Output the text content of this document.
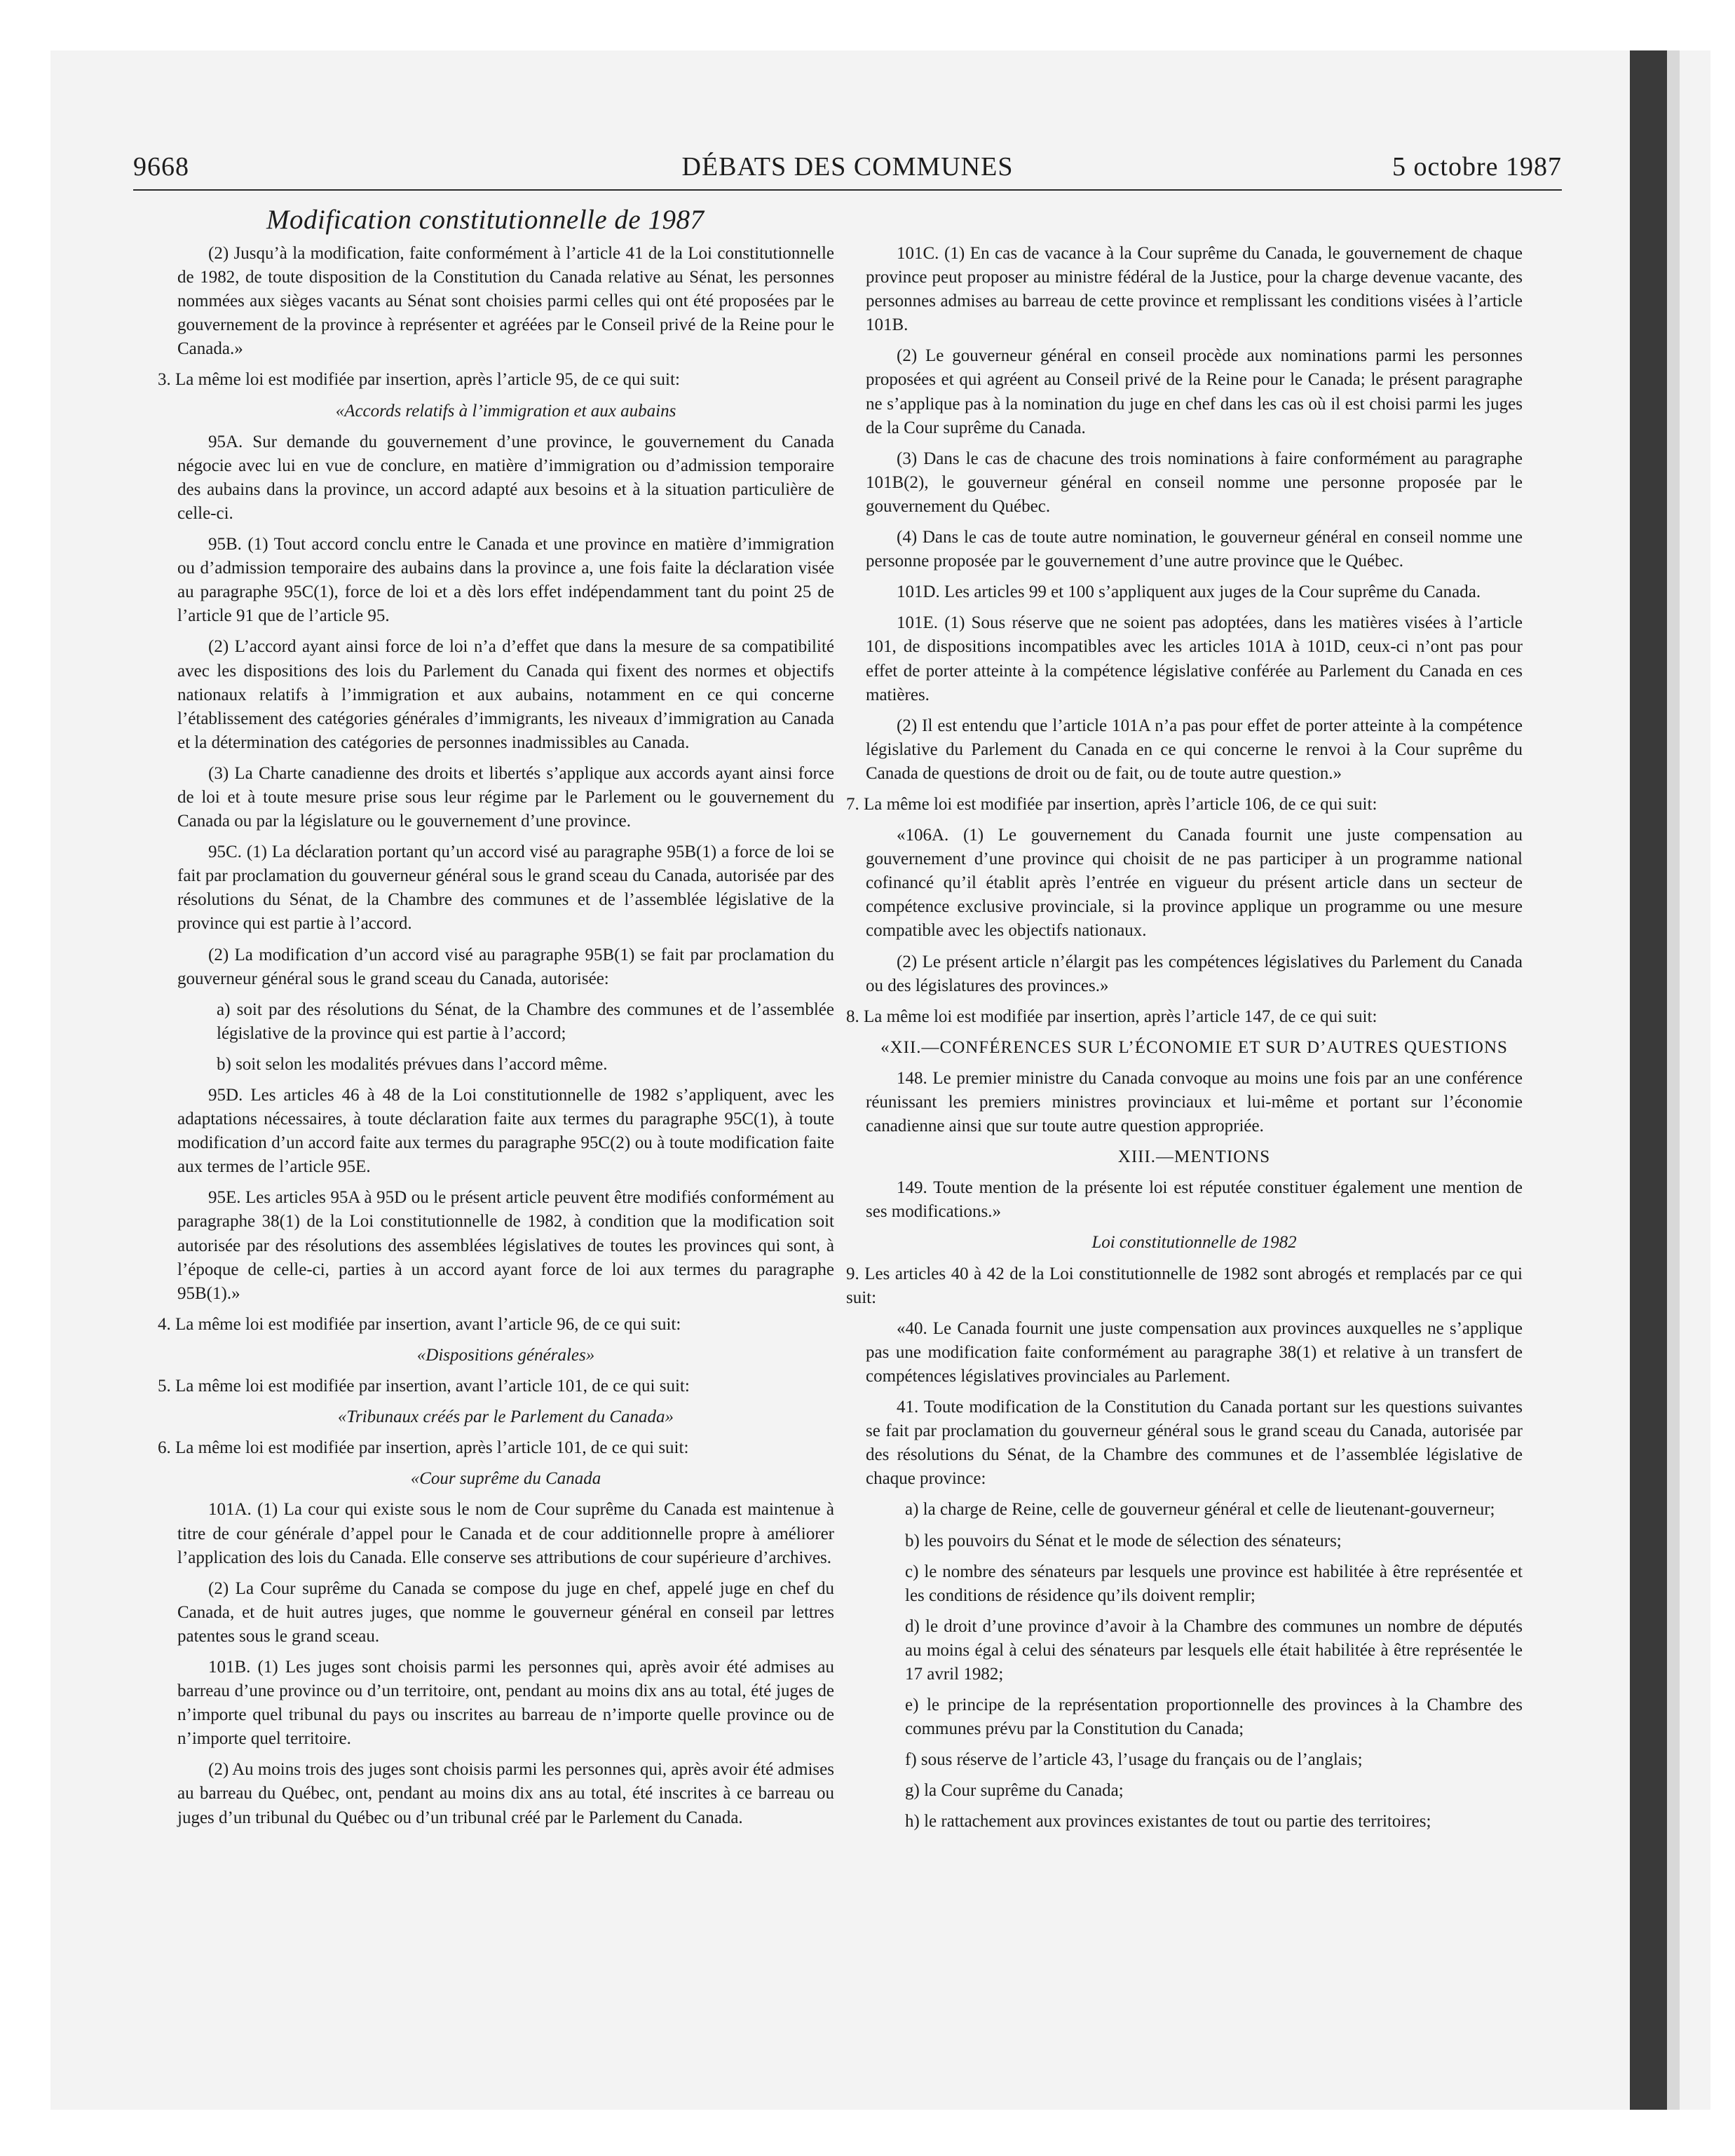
DÉBATS DES COMMUNES
9668	5 octobre 1987
Modification constitutionnelle de 1987

(2) Jusqu’à la modification, faite conformément à l’article 41 de la Loi constitutionnelle de 1982, de toute disposition de la Constitution du Canada relative au Sénat, les personnes nommées aux sièges vacants au Sénat sont choisies parmi celles qui ont été proposées par le gouvernement de la province à représenter et agréées par le Conseil privé de la Reine pour le Canada.»

3. La même loi est modifiée par insertion, après l’article 95, de ce qui suit:

«Accords relatifs à l’immigration et aux aubains

95A. Sur demande du gouvernement d’une province, le gouvernement du Canada négocie avec lui en vue de conclure, en matière d’immigration ou d’admission temporaire des aubains dans la province, un accord adapté aux besoins et à la situation particulière de celle-ci.

95B. (1) Tout accord conclu entre le Canada et une province en matière d’immigration ou d’admission temporaire des aubains dans la province a, une fois faite la déclaration visée au paragraphe 95C(1), force de loi et a dès lors effet indépendamment tant du point 25 de l’article 91 que de l’article 95.

(2) L’accord ayant ainsi force de loi n’a d’effet que dans la mesure de sa compatibilité avec les dispositions des lois du Parlement du Canada qui fixent des normes et objectifs nationaux relatifs à l’immigration et aux aubains, notamment en ce qui concerne l’établissement des catégories générales d’immigrants, les niveaux d’immigration au Canada et la détermination des catégories de personnes inadmissibles au Canada.

(3) La Charte canadienne des droits et libertés s’applique aux accords ayant ainsi force de loi et à toute mesure prise sous leur régime par le Parlement ou le gouvernement du Canada ou par la législature ou le gouvernement d’une province.

95C. (1) La déclaration portant qu’un accord visé au paragraphe 95B(1) a force de loi se fait par proclamation du gouverneur général sous le grand sceau du Canada, autorisée par des résolutions du Sénat, de la Chambre des communes et de l’assemblée législative de la province qui est partie à l’accord.

(2) La modification d’un accord visé au paragraphe 95B(1) se fait par proclamation du gouverneur général sous le grand sceau du Canada, autorisée:

a) soit par des résolutions du Sénat, de la Chambre des communes et de l’assemblée législative de la province qui est partie à l’accord;

b) soit selon les modalités prévues dans l’accord même.

95D. Les articles 46 à 48 de la Loi constitutionnelle de 1982 s’appliquent, avec les adaptations nécessaires, à toute déclaration faite aux termes du paragraphe 95C(1), à toute modification d’un accord faite aux termes du paragraphe 95C(2) ou à toute modification faite aux termes de l’article 95E.

95E. Les articles 95A à 95D ou le présent article peuvent être modifiés conformément au paragraphe 38(1) de la Loi constitutionnelle de 1982, à condition que la modification soit autorisée par des résolutions des assemblées législatives de toutes les provinces qui sont, à l’époque de celle-ci, parties à un accord ayant force de loi aux termes du paragraphe 95B(1).»

4. La même loi est modifiée par insertion, avant l’article 96, de ce qui suit:

«Dispositions générales»

5. La même loi est modifiée par insertion, avant l’article 101, de ce qui suit:

«Tribunaux créés par le Parlement du Canada»

6. La même loi est modifiée par insertion, après l’article 101, de ce qui suit:

«Cour suprême du Canada

101A. (1) La cour qui existe sous le nom de Cour suprême du Canada est maintenue à titre de cour générale d’appel pour le Canada et de cour additionnelle propre à améliorer l’application des lois du Canada. Elle conserve ses attributions de cour supérieure d’archives.

(2) La Cour suprême du Canada se compose du juge en chef, appelé juge en chef du Canada, et de huit autres juges, que nomme le gouverneur général en conseil par lettres patentes sous le grand sceau.

101B. (1) Les juges sont choisis parmi les personnes qui, après avoir été admises au barreau d’une province ou d’un territoire, ont, pendant au moins dix ans au total, été juges de n’importe quel tribunal du pays ou inscrites au barreau de n’importe quelle province ou de n’importe quel territoire.

(2) Au moins trois des juges sont choisis parmi les personnes qui, après avoir été admises au barreau du Québec, ont, pendant au moins dix ans au total, été inscrites à ce barreau ou juges d’un tribunal du Québec ou d’un tribunal créé par le Parlement du Canada.

101C. (1) En cas de vacance à la Cour suprême du Canada, le gouvernement de chaque province peut proposer au ministre fédéral de la Justice, pour la charge devenue vacante, des personnes admises au barreau de cette province et remplissant les conditions visées à l’article 101B.

(2) Le gouverneur général en conseil procède aux nominations parmi les personnes proposées et qui agréent au Conseil privé de la Reine pour le Canada; le présent paragraphe ne s’applique pas à la nomination du juge en chef dans les cas où il est choisi parmi les juges de la Cour suprême du Canada.

(3) Dans le cas de chacune des trois nominations à faire conformément au paragraphe 101B(2), le gouverneur général en conseil nomme une personne proposée par le gouvernement du Québec.

(4) Dans le cas de toute autre nomination, le gouverneur général en conseil nomme une personne proposée par le gouvernement d’une autre province que le Québec.

101D. Les articles 99 et 100 s’appliquent aux juges de la Cour suprême du Canada.

101E. (1) Sous réserve que ne soient pas adoptées, dans les matières visées à l’article 101, de dispositions incompatibles avec les articles 101A à 101D, ceux-ci n’ont pas pour effet de porter atteinte à la compétence législative conférée au Parlement du Canada en ces matières.

(2) Il est entendu que l’article 101A n’a pas pour effet de porter atteinte à la compétence législative du Parlement du Canada en ce qui concerne le renvoi à la Cour suprême du Canada de questions de droit ou de fait, ou de toute autre question.»

7. La même loi est modifiée par insertion, après l’article 106, de ce qui suit:

«106A. (1) Le gouvernement du Canada fournit une juste compensation au gouvernement d’une province qui choisit de ne pas participer à un programme national cofinancé qu’il établit après l’entrée en vigueur du présent article dans un secteur de compétence exclusive provinciale, si la province applique un programme ou une mesure compatible avec les objectifs nationaux.

(2) Le présent article n’élargit pas les compétences législatives du Parlement du Canada ou des législatures des provinces.»

8. La même loi est modifiée par insertion, après l’article 147, de ce qui suit:

«XII.—CONFÉRENCES SUR L’ÉCONOMIE ET SUR D’AUTRES QUESTIONS

148. Le premier ministre du Canada convoque au moins une fois par an une conférence réunissant les premiers ministres provinciaux et lui-même et portant sur l’économie canadienne ainsi que sur toute autre question appropriée.

XIII.—MENTIONS

149. Toute mention de la présente loi est réputée constituer également une mention de ses modifications.»

Loi constitutionnelle de 1982

9. Les articles 40 à 42 de la Loi constitutionnelle de 1982 sont abrogés et remplacés par ce qui suit:

«40. Le Canada fournit une juste compensation aux provinces auxquelles ne s’applique pas une modification faite conformément au paragraphe 38(1) et relative à un transfert de compétences législatives provinciales au Parlement.

41. Toute modification de la Constitution du Canada portant sur les questions suivantes se fait par proclamation du gouverneur général sous le grand sceau du Canada, autorisée par des résolutions du Sénat, de la Chambre des communes et de l’assemblée législative de chaque province:

a) la charge de Reine, celle de gouverneur général et celle de lieutenant-gouverneur;

b) les pouvoirs du Sénat et le mode de sélection des sénateurs;

c) le nombre des sénateurs par lesquels une province est habilitée à être représentée et les conditions de résidence qu’ils doivent remplir;

d) le droit d’une province d’avoir à la Chambre des communes un nombre de députés au moins égal à celui des sénateurs par lesquels elle était habilitée à être représentée le 17 avril 1982;

e) le principe de la représentation proportionnelle des provinces à la Chambre des communes prévu par la Constitution du Canada;

f) sous réserve de l’article 43, l’usage du français ou de l’anglais;

g) la Cour suprême du Canada;

h) le rattachement aux provinces existantes de tout ou partie des territoires;
